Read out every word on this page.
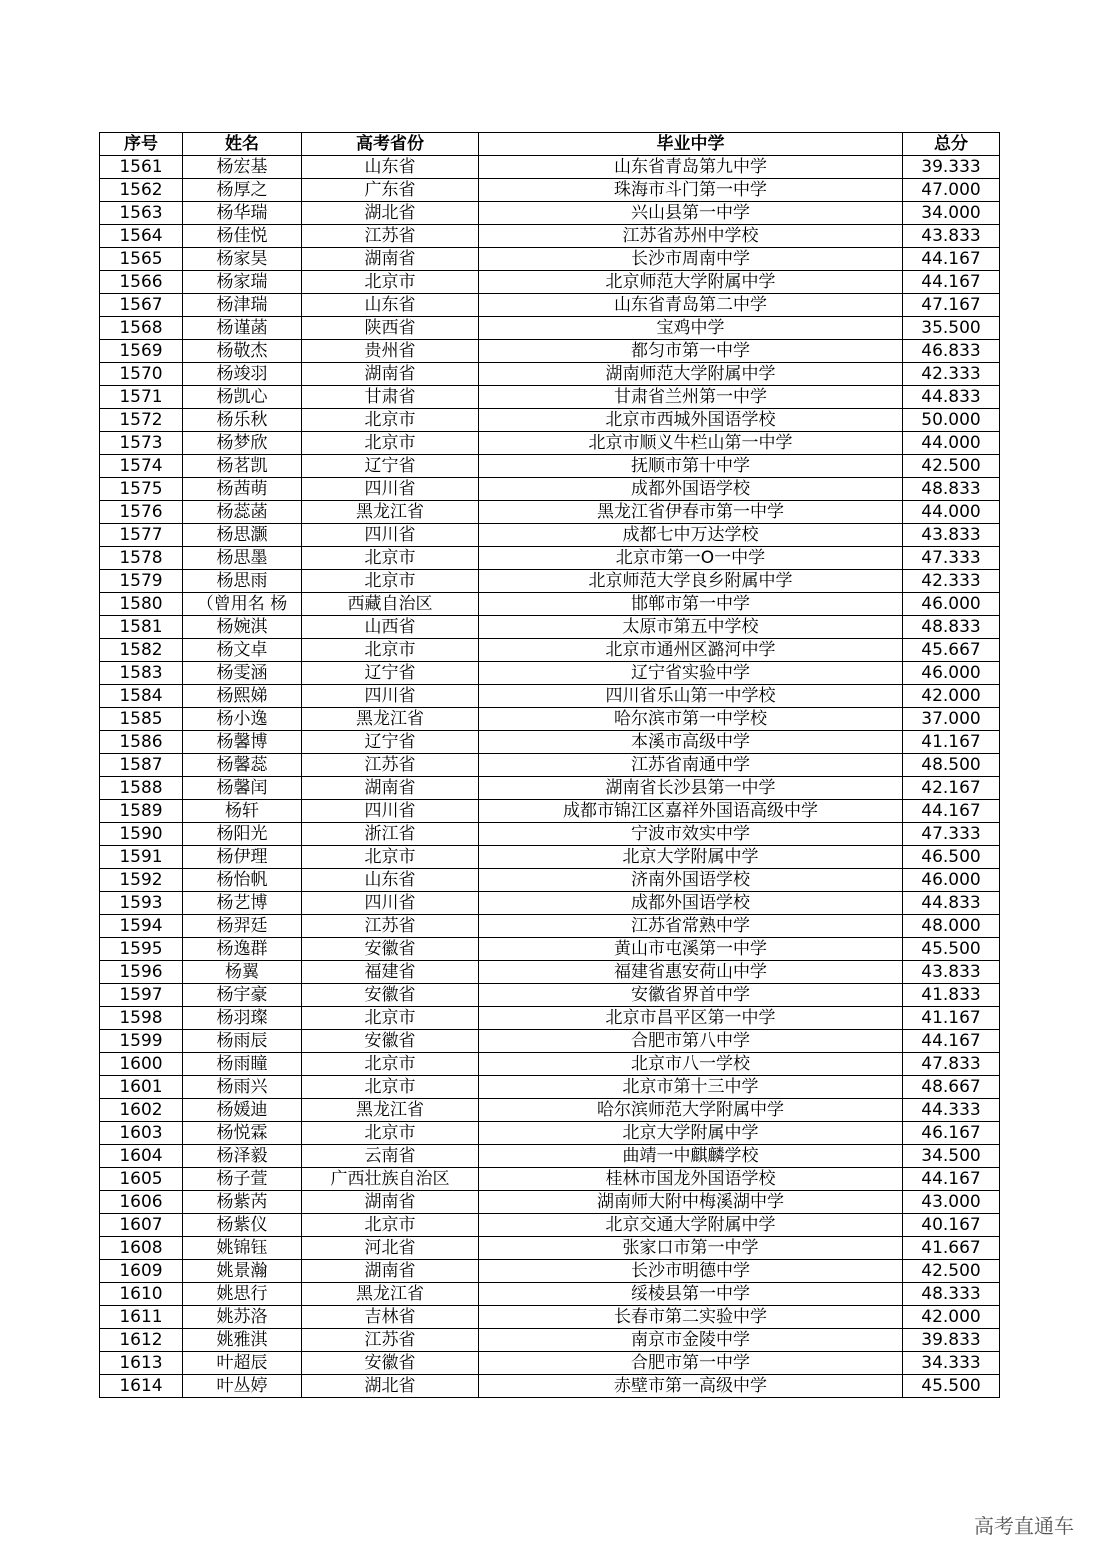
序号	姓名	高考省份	毕业中学	总分
1561	杨宏基	山东省	山东省青岛第九中学	39.333
1562	杨厚之	广东省	珠海市斗门第一中学	47.000
1563	杨华瑞	湖北省	兴山县第一中学	34.000
1564	杨佳悦	江苏省	江苏省苏州中学校	43.833
1565	杨家昊	湖南省	长沙市周南中学	44.167
1566	杨家瑞	北京市	北京师范大学附属中学	44.167
1567	杨津瑞	山东省	山东省青岛第二中学	47.167
1568	杨谨菡	陕西省	宝鸡中学	35.500
1569	杨敬杰	贵州省	都匀市第一中学	46.833
1570	杨竣羽	湖南省	湖南师范大学附属中学	42.333
1571	杨凯心	甘肃省	甘肃省兰州第一中学	44.833
1572	杨乐秋	北京市	北京市西城外国语学校	50.000
1573	杨梦欣	北京市	北京市顺义牛栏山第一中学	44.000
1574	杨茗凯	辽宁省	抚顺市第十中学	42.500
1575	杨茜萌	四川省	成都外国语学校	48.833
1576	杨蕊菡	黑龙江省	黑龙江省伊春市第一中学	44.000
1577	杨思灏	四川省	成都七中万达学校	43.833
1578	杨思墨	北京市	北京市第一O一中学	47.333
1579	杨思雨	北京市	北京师范大学良乡附属中学	42.333
1580	（曾用名 杨	西藏自治区	邯郸市第一中学	46.000
1581	杨婉淇	山西省	太原市第五中学校	48.833
1582	杨文卓	北京市	北京市通州区潞河中学	45.667
1583	杨雯涵	辽宁省	辽宁省实验中学	46.000
1584	杨熙娣	四川省	四川省乐山第一中学校	42.000
1585	杨小逸	黑龙江省	哈尔滨市第一中学校	37.000
1586	杨馨博	辽宁省	本溪市高级中学	41.167
1587	杨馨蕊	江苏省	江苏省南通中学	48.500
1588	杨馨闰	湖南省	湖南省长沙县第一中学	42.167
1589	杨轩	四川省	成都市锦江区嘉祥外国语高级中学	44.167
1590	杨阳光	浙江省	宁波市效实中学	47.333
1591	杨伊理	北京市	北京大学附属中学	46.500
1592	杨怡帆	山东省	济南外国语学校	46.000
1593	杨艺博	四川省	成都外国语学校	44.833
1594	杨羿廷	江苏省	江苏省常熟中学	48.000
1595	杨逸群	安徽省	黄山市屯溪第一中学	45.500
1596	杨翼	福建省	福建省惠安荷山中学	43.833
1597	杨宇豪	安徽省	安徽省界首中学	41.833
1598	杨羽璨	北京市	北京市昌平区第一中学	41.167
1599	杨雨辰	安徽省	合肥市第八中学	44.167
1600	杨雨瞳	北京市	北京市八一学校	47.833
1601	杨雨兴	北京市	北京市第十三中学	48.667
1602	杨媛迪	黑龙江省	哈尔滨师范大学附属中学	44.333
1603	杨悦霖	北京市	北京大学附属中学	46.167
1604	杨泽毅	云南省	曲靖一中麒麟学校	34.500
1605	杨子萱	广西壮族自治区	桂林市国龙外国语学校	44.167
1606	杨紫芮	湖南省	湖南师大附中梅溪湖中学	43.000
1607	杨紫仪	北京市	北京交通大学附属中学	40.167
1608	姚锦钰	河北省	张家口市第一中学	41.667
1609	姚景瀚	湖南省	长沙市明德中学	42.500
1610	姚思行	黑龙江省	绥棱县第一中学	48.333
1611	姚苏洛	吉林省	长春市第二实验中学	42.000
1612	姚雅淇	江苏省	南京市金陵中学	39.833
1613	叶超辰	安徽省	合肥市第一中学	34.333
1614	叶丛婷	湖北省	赤壁市第一高级中学	45.500
高考直通车
